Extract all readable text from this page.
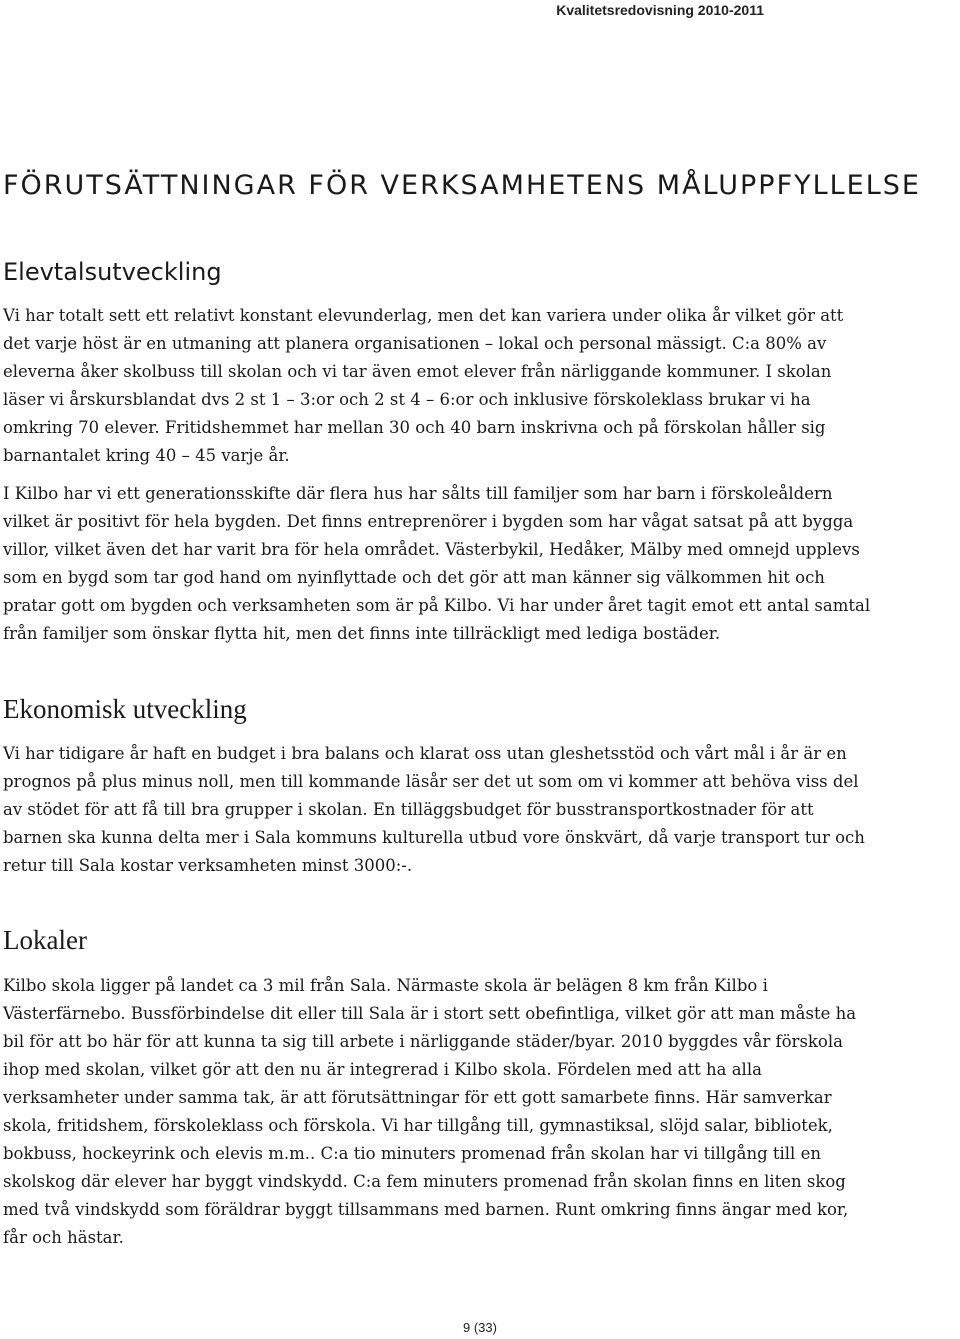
Kvalitetsredovisning 2010-2011
FÖRUTSÄTTNINGAR FÖR VERKSAMHETENS MÅLUPPFYLLELSE
Elevtalsutveckling

Vi har totalt sett ett relativt konstant elevunderlag, men det kan variera under olika år vilket gör att
det varje höst är en utmaning att planera organisationen – lokal och personal mässigt. C:a 80% av
eleverna åker skolbuss till skolan och vi tar även emot elever från närliggande kommuner. I skolan
läser vi årskursblandat dvs 2 st 1 – 3:or och 2 st 4 – 6:or och inklusive förskoleklass brukar vi ha
omkring 70 elever. Fritidshemmet har mellan 30 och 40 barn inskrivna och på förskolan håller sig
barnantalet kring 40 – 45 varje år.

I Kilbo har vi ett generationsskifte där flera hus har sålts till familjer som har barn i förskoleåldern
vilket är positivt för hela bygden. Det finns entreprenörer i bygden som har vågat satsat på att bygga
villor, vilket även det har varit bra för hela området. Västerbykil, Hedåker, Mälby med omnejd upplevs
som en bygd som tar god hand om nyinflyttade och det gör att man känner sig välkommen hit och
pratar gott om bygden och verksamheten som är på Kilbo. Vi har under året tagit emot ett antal samtal
från familjer som önskar flytta hit, men det finns inte tillräckligt med lediga bostäder.

Ekonomisk utveckling

Vi har tidigare år haft en budget i bra balans och klarat oss utan gleshetsstöd och vårt mål i år är en
prognos på plus minus noll, men till kommande läsår ser det ut som om vi kommer att behöva viss del
av stödet för att få till bra grupper i skolan. En tilläggsbudget för busstransportkostnader för att
barnen ska kunna delta mer i Sala kommuns kulturella utbud vore önskvärt, då varje transport tur och
retur till Sala kostar verksamheten minst 3000:-.

Lokaler

Kilbo skola ligger på landet ca 3 mil från Sala. Närmaste skola är belägen 8 km från Kilbo i
Västerfärnebo. Bussförbindelse dit eller till Sala är i stort sett obefintliga, vilket gör att man måste ha
bil för att bo här för att kunna ta sig till arbete i närliggande städer/byar. 2010 byggdes vår förskola
ihop med skolan, vilket gör att den nu är integrerad i Kilbo skola. Fördelen med att ha alla
verksamheter under samma tak, är att förutsättningar för ett gott samarbete finns. Här samverkar
skola, fritidshem, förskoleklass och förskola. Vi har tillgång till, gymnastiksal, slöjd salar, bibliotek,
bokbuss, hockeyrink och elevis m.m.. C:a tio minuters promenad från skolan har vi tillgång till en
skolskog där elever har byggt vindskydd. C:a fem minuters promenad från skolan finns en liten skog
med två vindskydd som föräldrar byggt tillsammans med barnen. Runt omkring finns ängar med kor,
får och hästar.

9 (33)
